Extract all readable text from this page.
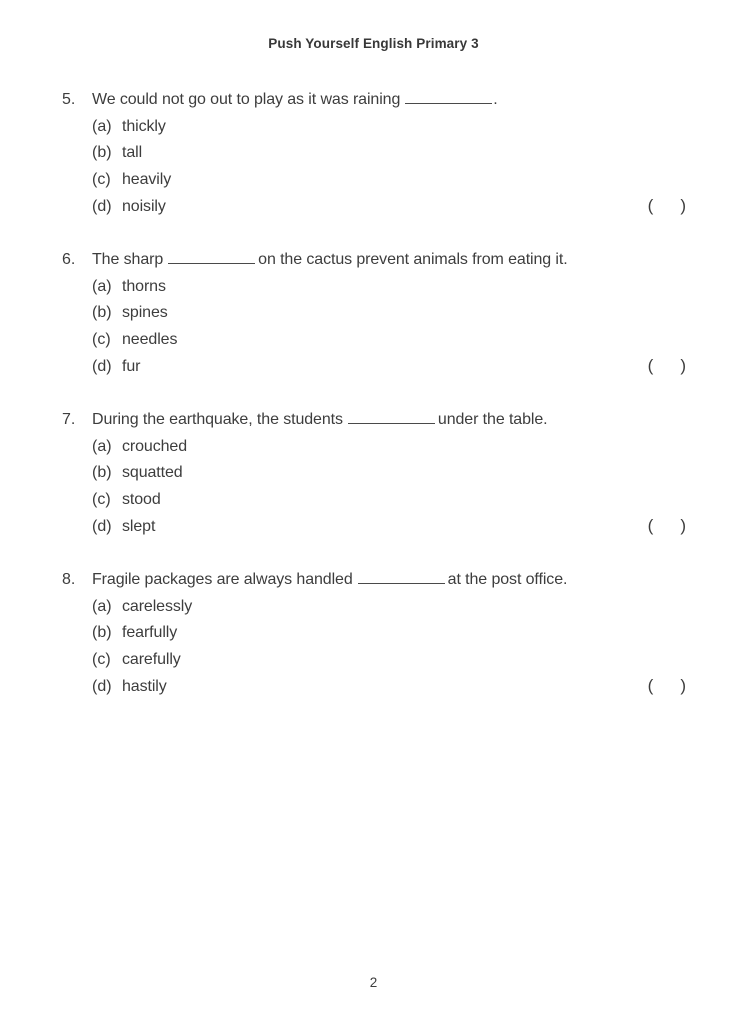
Push Yourself English Primary 3
5.	We could not go out to play as it was raining	.
(a) thickly
(b) tall
(c) heavily
(d) noisily	( )
6.	The sharp	on the cactus prevent animals from eating it.
(a) thorns
(b) spines
(c) needles
(d) fur	( )
7.	During the earthquake, the students	under the table.
(a) crouched
(b) squatted
(c) stood
(d) slept	( )
8.	Fragile packages are always handled	at the post office.
(a) carelessly
(b) fearfully
(c) carefully
(d) hastily	( )
2
